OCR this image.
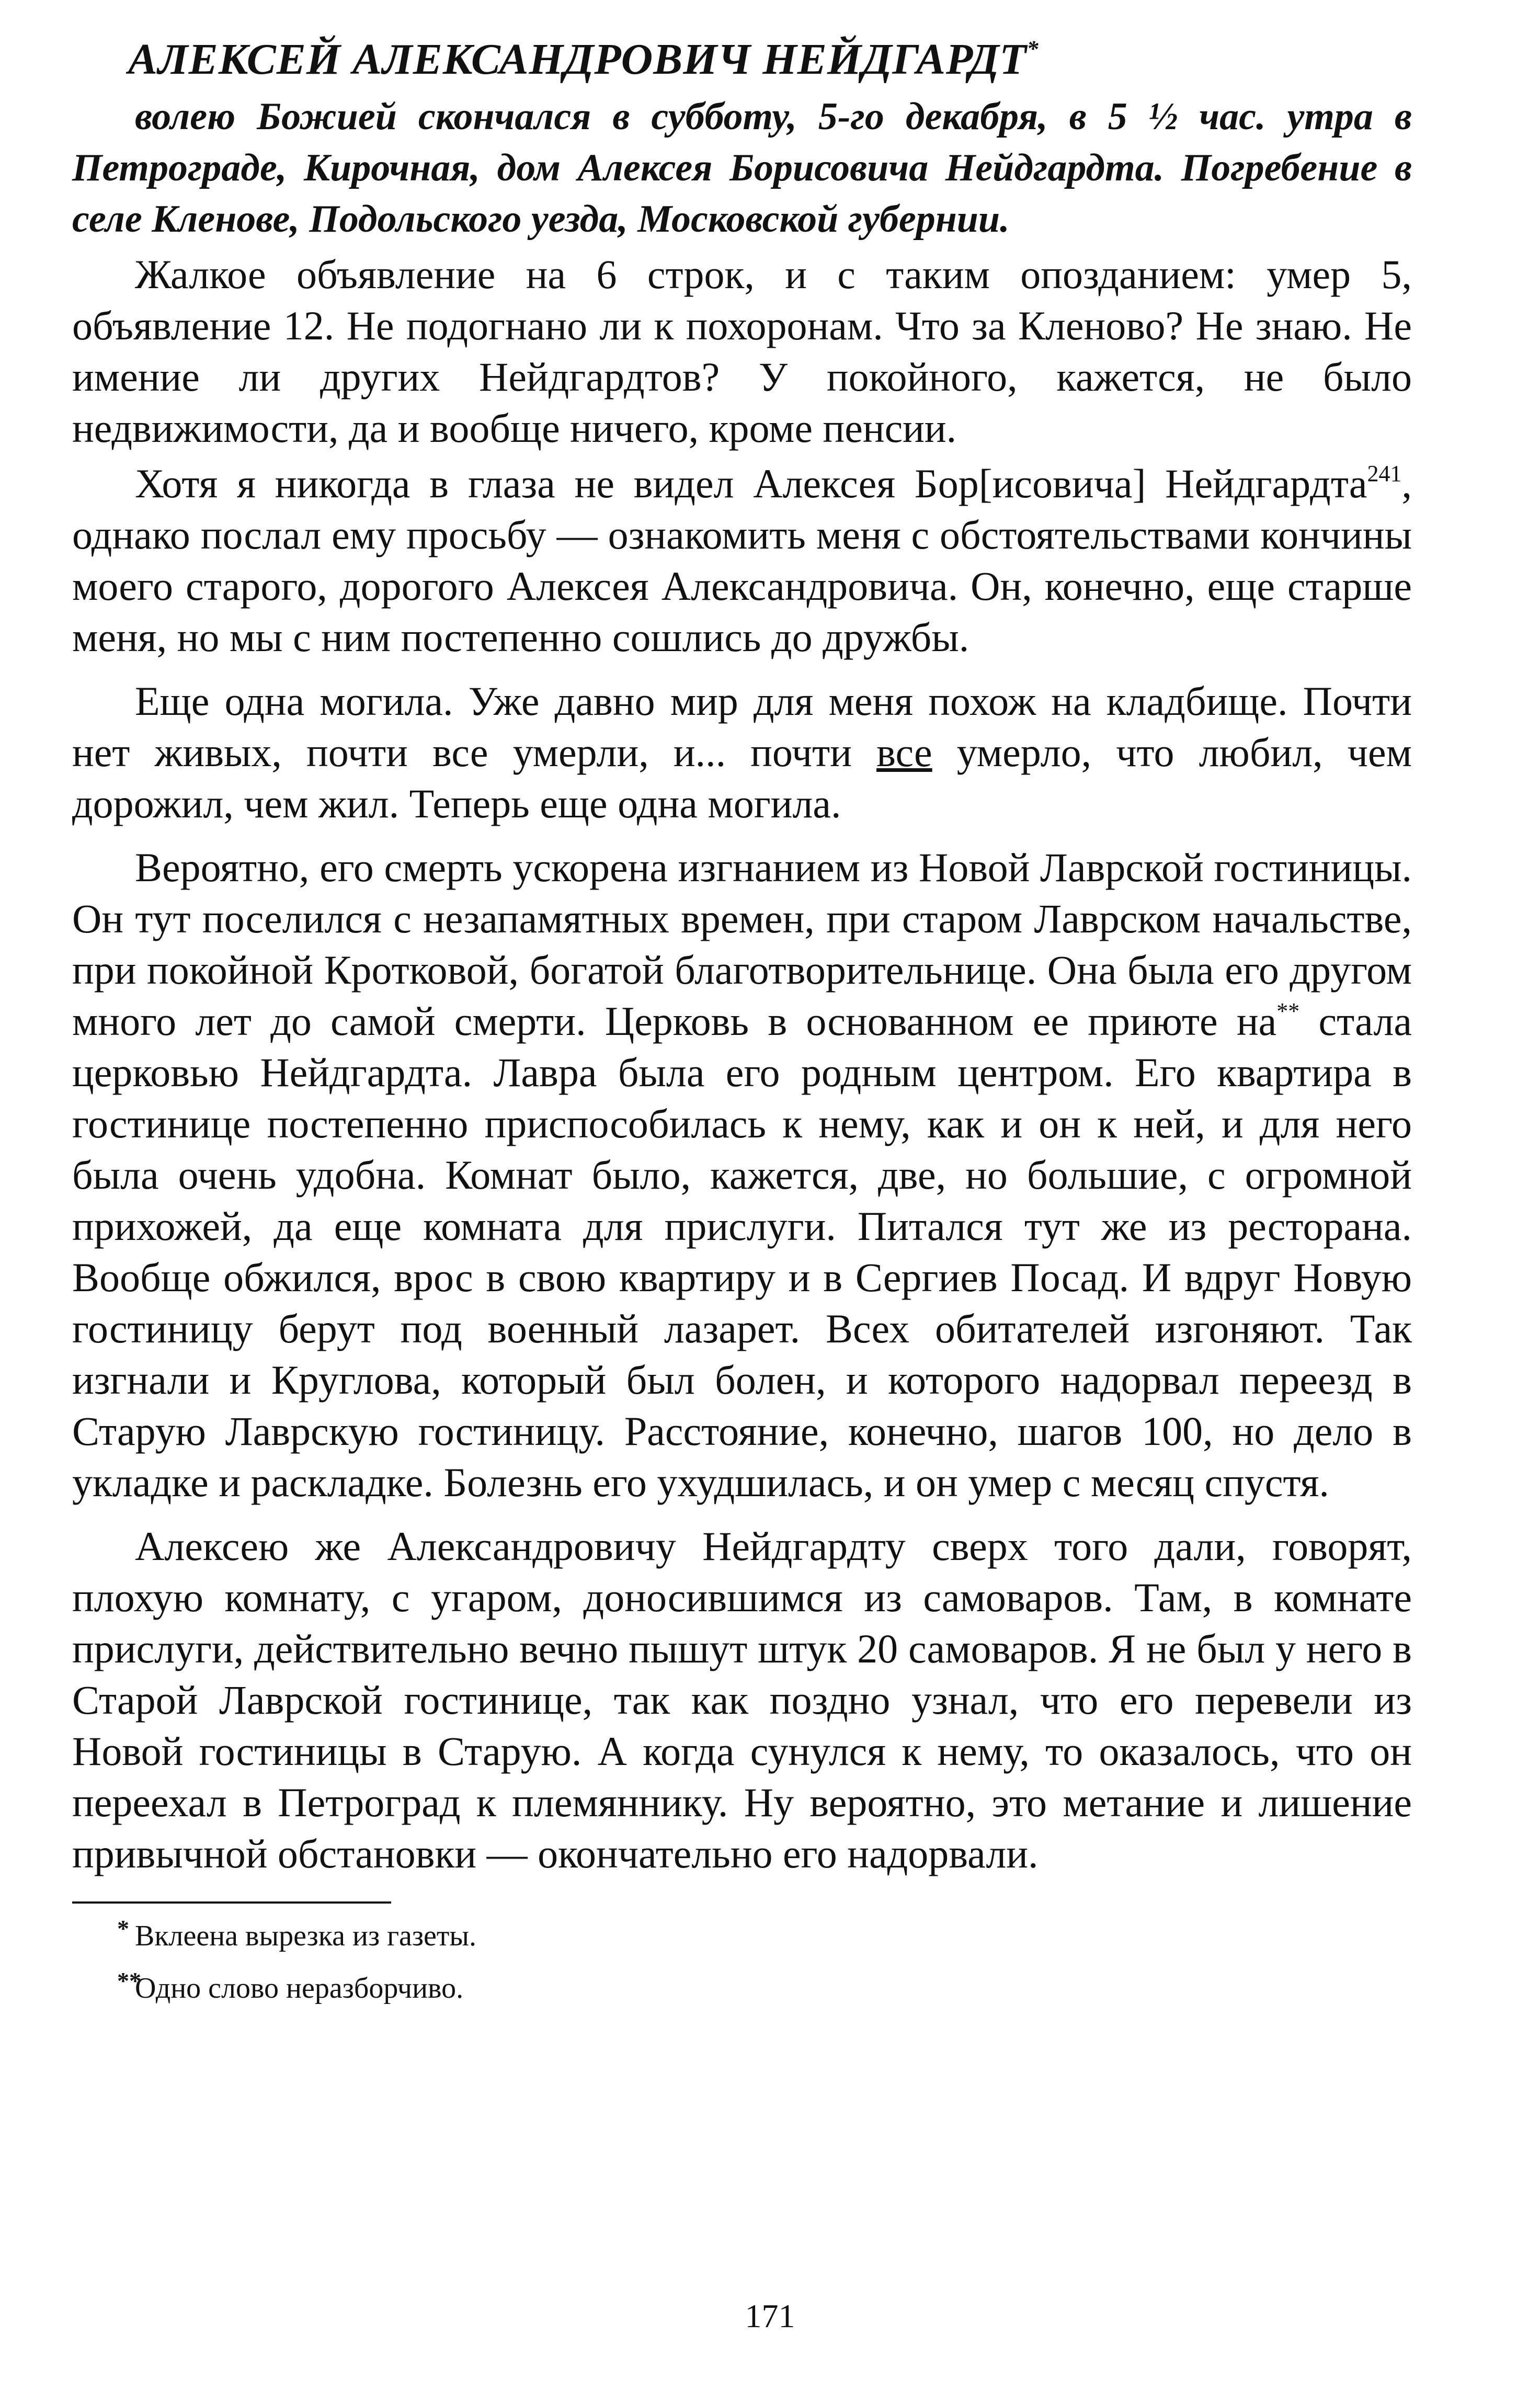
АЛЕКСЕЙ АЛЕКСАНДРОВИЧ НЕЙДГАРДТ*

волею Божией скончался в субботу, 5-го декабря, в 5 ½ час. утра в Петрограде, Кирочная, дом Алексея Борисовича Нейдгардта. Погребение в селе Кленове, Подольского уезда, Московской губернии.

Жалкое объявление на 6 строк, и с таким опозданием: умер 5, объявление 12. Не подогнано ли к похоронам. Что за Кленово? Не знаю. Не имение ли других Нейдгардтов? У покойного, кажется, не было недвижимости, да и вообще ничего, кроме пенсии.

Хотя я никогда в глаза не видел Алексея Бор[исовича] Нейдгардта$^{241}$, однако послал ему просьбу — ознакомить меня с обстоятельствами кончины моего старого, дорогого Алексея Александровича. Он, конечно, еще старше меня, но мы с ним постепенно сошлись до дружбы.

Еще одна могила. Уже давно мир для меня похож на кладбище. Почти нет живых, почти все умерли, и... почти все умерло, что любил, чем дорожил, чем жил. Теперь еще одна могила.

Вероятно, его смерть ускорена изгнанием из Новой Лаврской гостиницы. Он тут поселился с незапамятных времен, при старом Лаврском начальстве, при покойной Кротковой, богатой благотворительнице. Она была его другом много лет до самой смерти. Церковь в основанном ее приюте на** стала церковью Нейдгардта. Лавра была его родным центром. Его квартира в гостинице постепенно приспособилась к нему, как и он к ней, и для него была очень удобна. Комнат было, кажется, две, но большие, с огромной прихожей, да еще комната для прислуги. Питался тут же из ресторана. Вообще обжился, врос в свою квартиру и в Сергиев Посад. И вдруг Новую гостиницу берут под военный лазарет. Всех обитателей изгоняют. Так изгнали и Круглова, который был болен, и которого надорвал переезд в Старую Лаврскую гостиницу. Расстояние, конечно, шагов 100, но дело в укладке и раскладке. Болезнь его ухудшилась, и он умер с месяц спустя.

Алексею же Александровичу Нейдгардту сверх того дали, говорят, плохую комнату, с угаром, доносившимся из самоваров. Там, в комнате прислуги, действительно вечно пышут штук 20 самоваров. Я не был у него в Старой Лаврской гостинице, так как поздно узнал, что его перевели из Новой гостиницы в Старую. А когда сунулся к нему, то оказалось, что он переехал в Петроград к племяннику. Ну вероятно, это метание и лишение привычной обстановки — окончательно его надорвали.

* Вклеена вырезка из газеты.
**
Одно слово неразборчиво.
171
